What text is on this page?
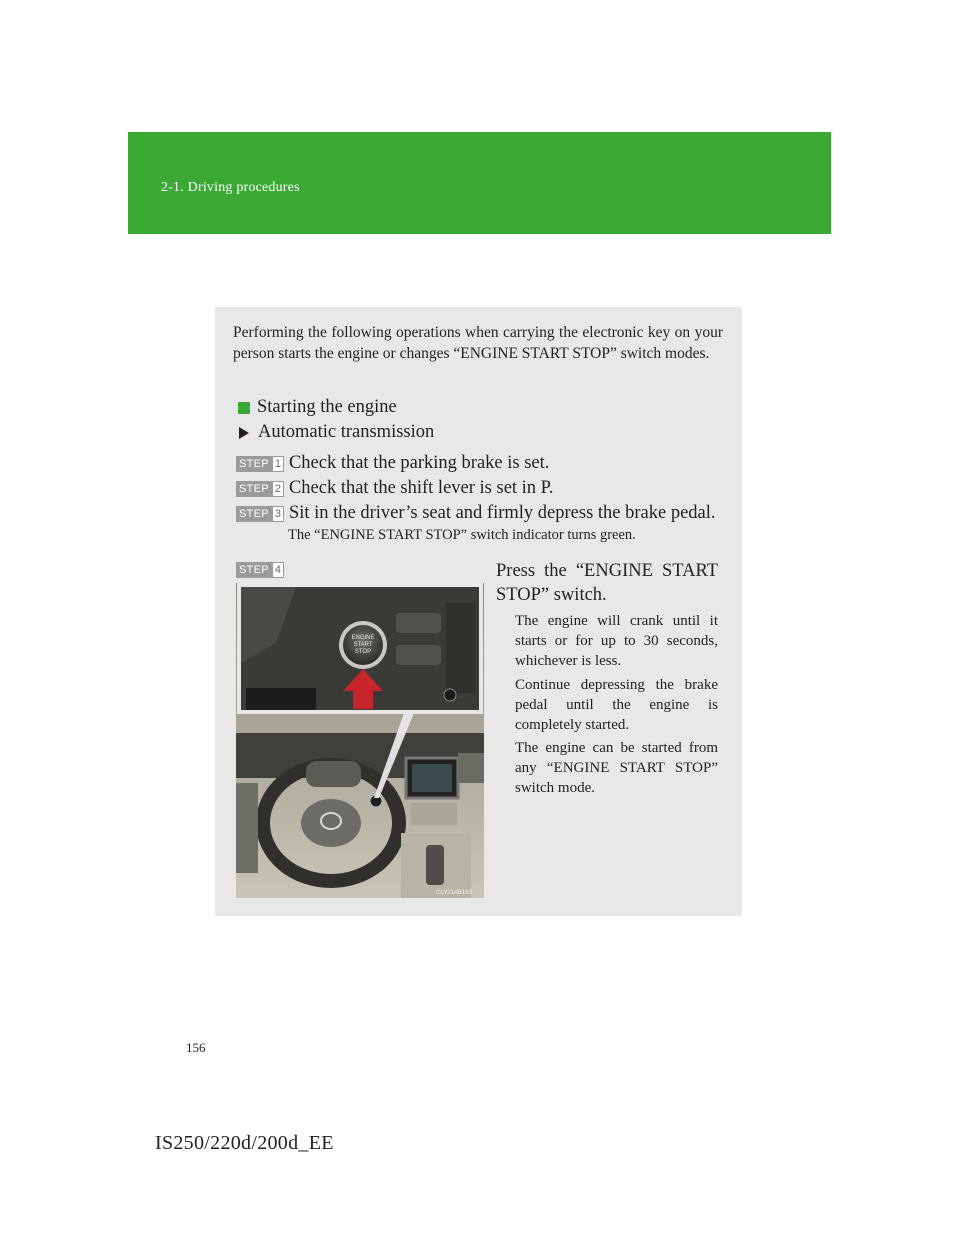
2-1. Driving procedures
Performing the following operations when carrying the electronic key on your person starts the engine or changes “ENGINE START STOP” switch modes.
Starting the engine
Automatic transmission
STEP 1 Check that the parking brake is set.
STEP 2 Check that the shift lever is set in P.
STEP 3 Sit in the driver’s seat and firmly depress the brake pedal.
The “ENGINE START STOP” switch indicator turns green.
STEP 4
ENGINE
START
STOP
CLY21AB193
Press the “ENGINE START STOP” switch.
The engine will crank until it starts or for up to 30 seconds, whichever is less.
Continue depressing the brake pedal until the engine is completely started.
The engine can be started from any “ENGINE START STOP” switch mode.
156
IS250/220d/200d_EE
